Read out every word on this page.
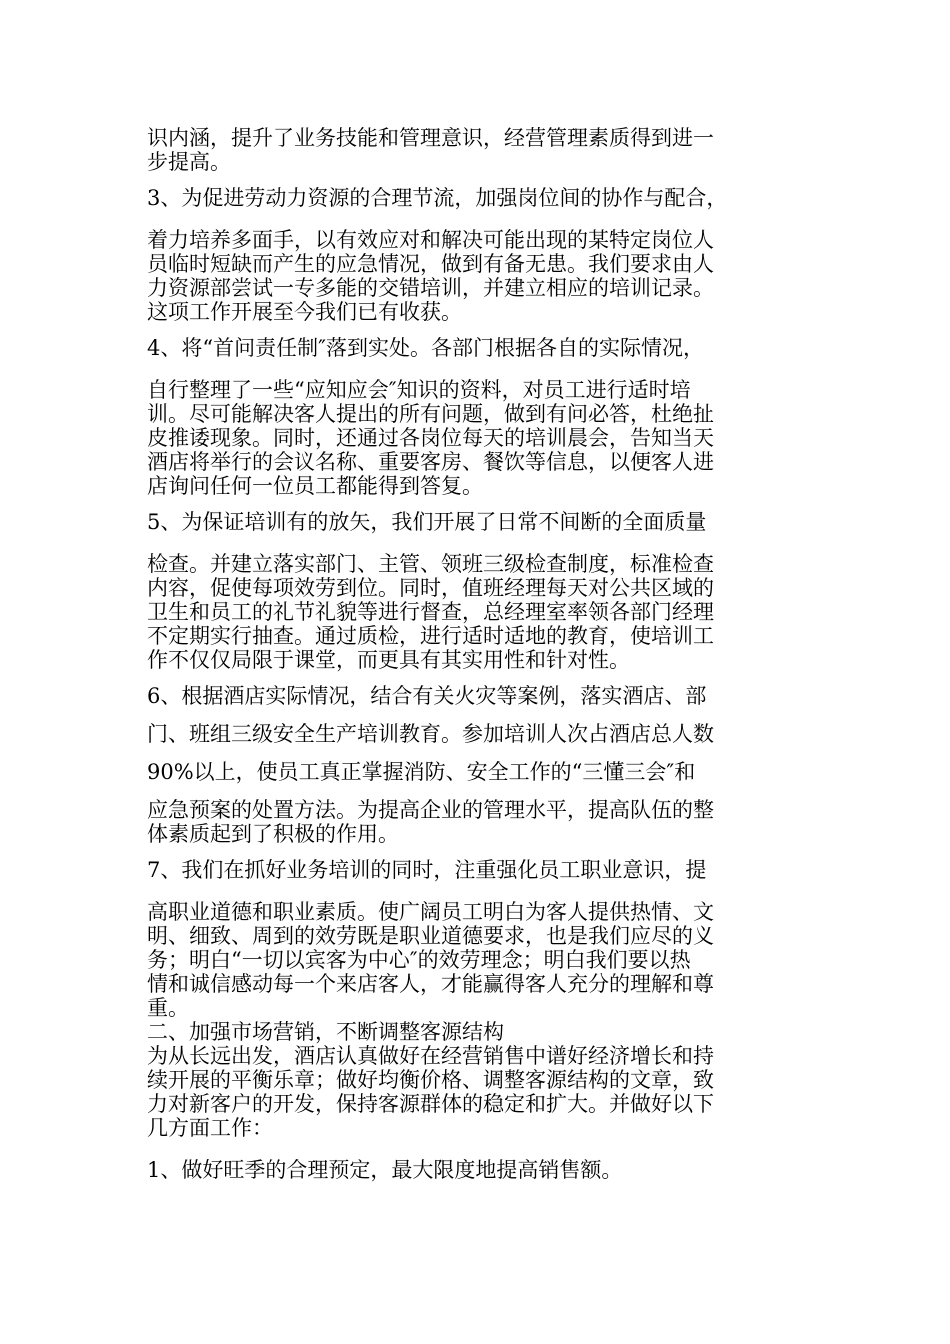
识内涵，提升了业务技能和管理意识，经营管理素质得到进一
步提高。
3、为促进劳动力资源的合理节流，加强岗位间的协作与配合，
着力培养多面手，以有效应对和解决可能出现的某特定岗位人
员临时短缺而产生的应急情况，做到有备无患。我们要求由人
力资源部尝试一专多能的交错培训，并建立相应的培训记录。
这项工作开展至今我们已有收获。
4、将“首问责任制″落到实处。各部门根据各自的实际情况，
自行整理了一些“应知应会″知识的资料，对员工进行适时培
训。尽可能解决客人提出的所有问题，做到有问必答，杜绝扯
皮推诿现象。同时，还通过各岗位每天的培训晨会，告知当天
酒店将举行的会议名称、重要客房、餐饮等信息，以便客人进
店询问任何一位员工都能得到答复。
5、为保证培训有的放矢，我们开展了日常不间断的全面质量
检查。并建立落实部门、主管、领班三级检查制度，标准检查
内容，促使每项效劳到位。同时，值班经理每天对公共区域的
卫生和员工的礼节礼貌等进行督查，总经理室率领各部门经理
不定期实行抽查。通过质检，进行适时适地的教育，使培训工
作不仅仅局限于课堂，而更具有其实用性和针对性。
6、根据酒店实际情况，结合有关火灾等案例，落实酒店、部
门、班组三级安全生产培训教育。参加培训人次占酒店总人数
90%以上，使员工真正掌握消防、安全工作的“三懂三会″和
应急预案的处置方法。为提高企业的管理水平，提高队伍的整
体素质起到了积极的作用。
7、我们在抓好业务培训的同时，注重强化员工职业意识，提
高职业道德和职业素质。使广阔员工明白为客人提供热情、文
明、细致、周到的效劳既是职业道德要求，也是我们应尽的义
务；明白“一切以宾客为中心″的效劳理念；明白我们要以热
情和诚信感动每一个来店客人，才能赢得客人充分的理解和尊
重。
二、加强市场营销，不断调整客源结构
为从长远出发，酒店认真做好在经营销售中谱好经济增长和持
续开展的平衡乐章；做好均衡价格、调整客源结构的文章，致
力对新客户的开发，保持客源群体的稳定和扩大。并做好以下
几方面工作：
1、做好旺季的合理预定，最大限度地提高销售额。
